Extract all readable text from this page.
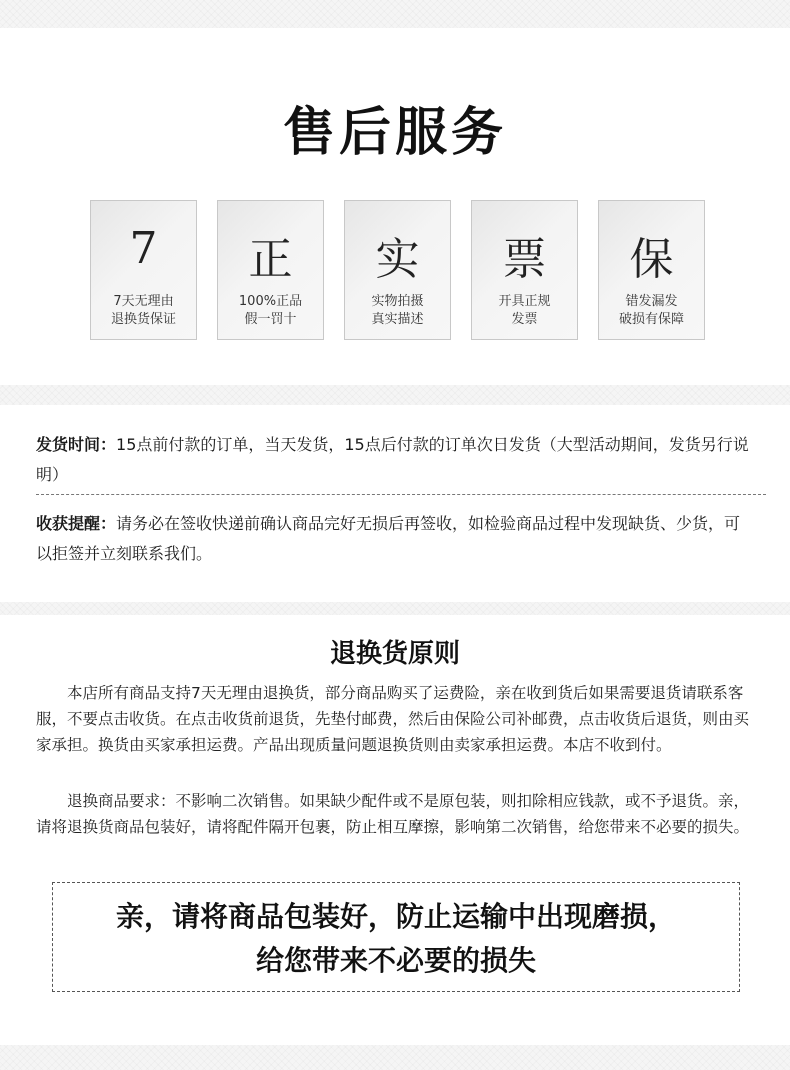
售后服务
7
7天无理由
退换货保证
正
100%正品
假一罚十
实
实物拍摄
真实描述
票
开具正规
发票
保
错发漏发
破损有保障
发货时间：15点前付款的订单，当天发货，15点后付款的订单次日发货（大型活动期间，发货另行说明）
收获提醒：请务必在签收快递前确认商品完好无损后再签收，如检验商品过程中发现缺货、少货，可以拒签并立刻联系我们。
退换货原则
本店所有商品支持7天无理由退换货，部分商品购买了运费险，亲在收到货后如果需要退货请联系客服，不要点击收货。在点击收货前退货，先垫付邮费，然后由保险公司补邮费，点击收货后退货，则由买家承担。换货由买家承担运费。产品出现质量问题退换货则由卖家承担运费。本店不收到付。
退换商品要求：不影响二次销售。如果缺少配件或不是原包装，则扣除相应钱款，或不予退货。亲，请将退换货商品包装好，请将配件隔开包裹，防止相互摩擦，影响第二次销售，给您带来不必要的损失。
亲，请将商品包装好，防止运输中出现磨损，
给您带来不必要的损失
